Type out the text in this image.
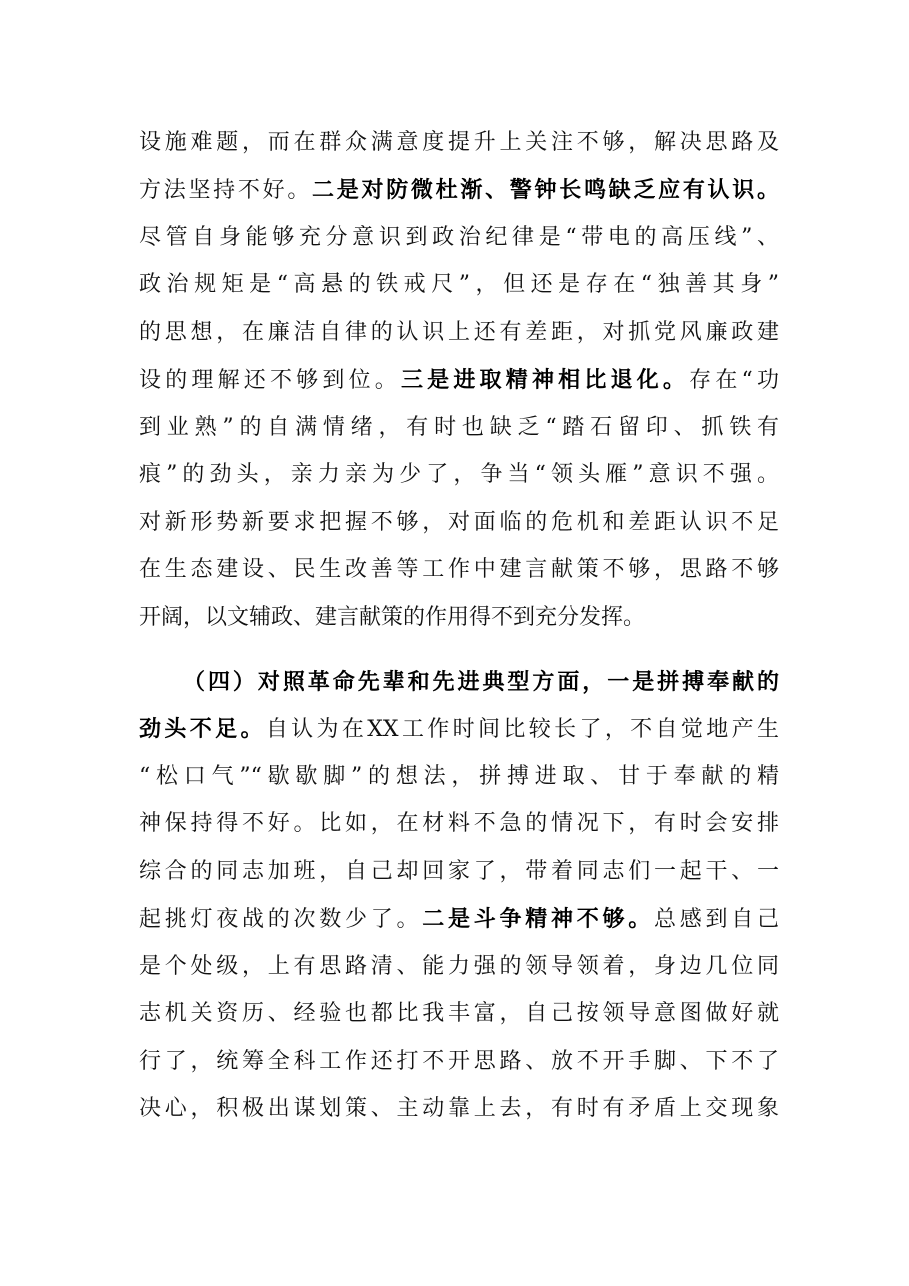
设施难题，而在群众满意度提升上关注不够，解决思路及
方法坚持不好。二是对防微杜渐、警钟长鸣缺乏应有认识。
尽管自身能够充分意识到政治纪律是“带电的高压线”、
政治规矩是“高悬的铁戒尺”，但还是存在“独善其身”
的思想，在廉洁自律的认识上还有差距，对抓党风廉政建
设的理解还不够到位。三是进取精神相比退化。存在“功
到业熟”的自满情绪，有时也缺乏“踏石留印、抓铁有
痕”的劲头，亲力亲为少了，争当“领头雁”意识不强。
对新形势新要求把握不够，对面临的危机和差距认识不足
在生态建设、民生改善等工作中建言献策不够，思路不够
开阔，以文辅政、建言献策的作用得不到充分发挥。
（四）对照革命先辈和先进典型方面，一是拼搏奉献的
劲头不足。自认为在XX工作时间比较长了，不自觉地产生
“松口气”“歇歇脚”的想法，拼搏进取、甘于奉献的精
神保持得不好。比如，在材料不急的情况下，有时会安排
综合的同志加班，自己却回家了，带着同志们一起干、一
起挑灯夜战的次数少了。二是斗争精神不够。总感到自己
是个处级，上有思路清、能力强的领导领着，身边几位同
志机关资历、经验也都比我丰富，自己按领导意图做好就
行了，统筹全科工作还打不开思路、放不开手脚、下不了
决心，积极出谋划策、主动靠上去，有时有矛盾上交现象
